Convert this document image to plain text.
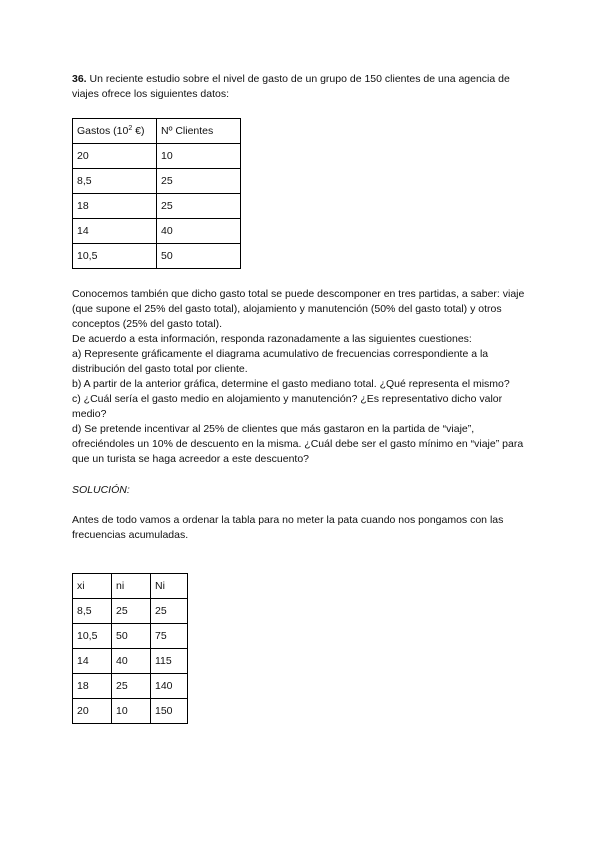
36. Un reciente estudio sobre el nivel de gasto de un grupo de 150 clientes de una agencia de viajes ofrece los siguientes datos:

Gastos ($10^2$ €)	Nº Clientes
20	10
8,5	25
18	25
14	40
10,5	50

Conocemos también que dicho gasto total se puede descomponer en tres partidas, a saber: viaje (que supone el 25% del gasto total), alojamiento y manutención (50% del gasto total) y otros conceptos (25% del gasto total).

De acuerdo a esta información, responda razonadamente a las siguientes cuestiones:

a) Represente gráficamente el diagrama acumulativo de frecuencias correspondiente a la distribución del gasto total por cliente.

b) A partir de la anterior gráfica, determine el gasto mediano total. ¿Qué representa el mismo?

c) ¿Cuál sería el gasto medio en alojamiento y manutención? ¿Es representativo dicho valor medio?

d) Se pretende incentivar al 25% de clientes que más gastaron en la partida de “viaje”, ofreciéndoles un 10% de descuento en la misma. ¿Cuál debe ser el gasto mínimo en “viaje” para que un turista se haga acreedor a este descuento?

SOLUCIÓN:

Antes de todo vamos a ordenar la tabla para no meter la pata cuando nos pongamos con las frecuencias acumuladas.

xi	ni	Ni
8,5	25	25
10,5	50	75
14	40	115
18	25	140
20	10	150
